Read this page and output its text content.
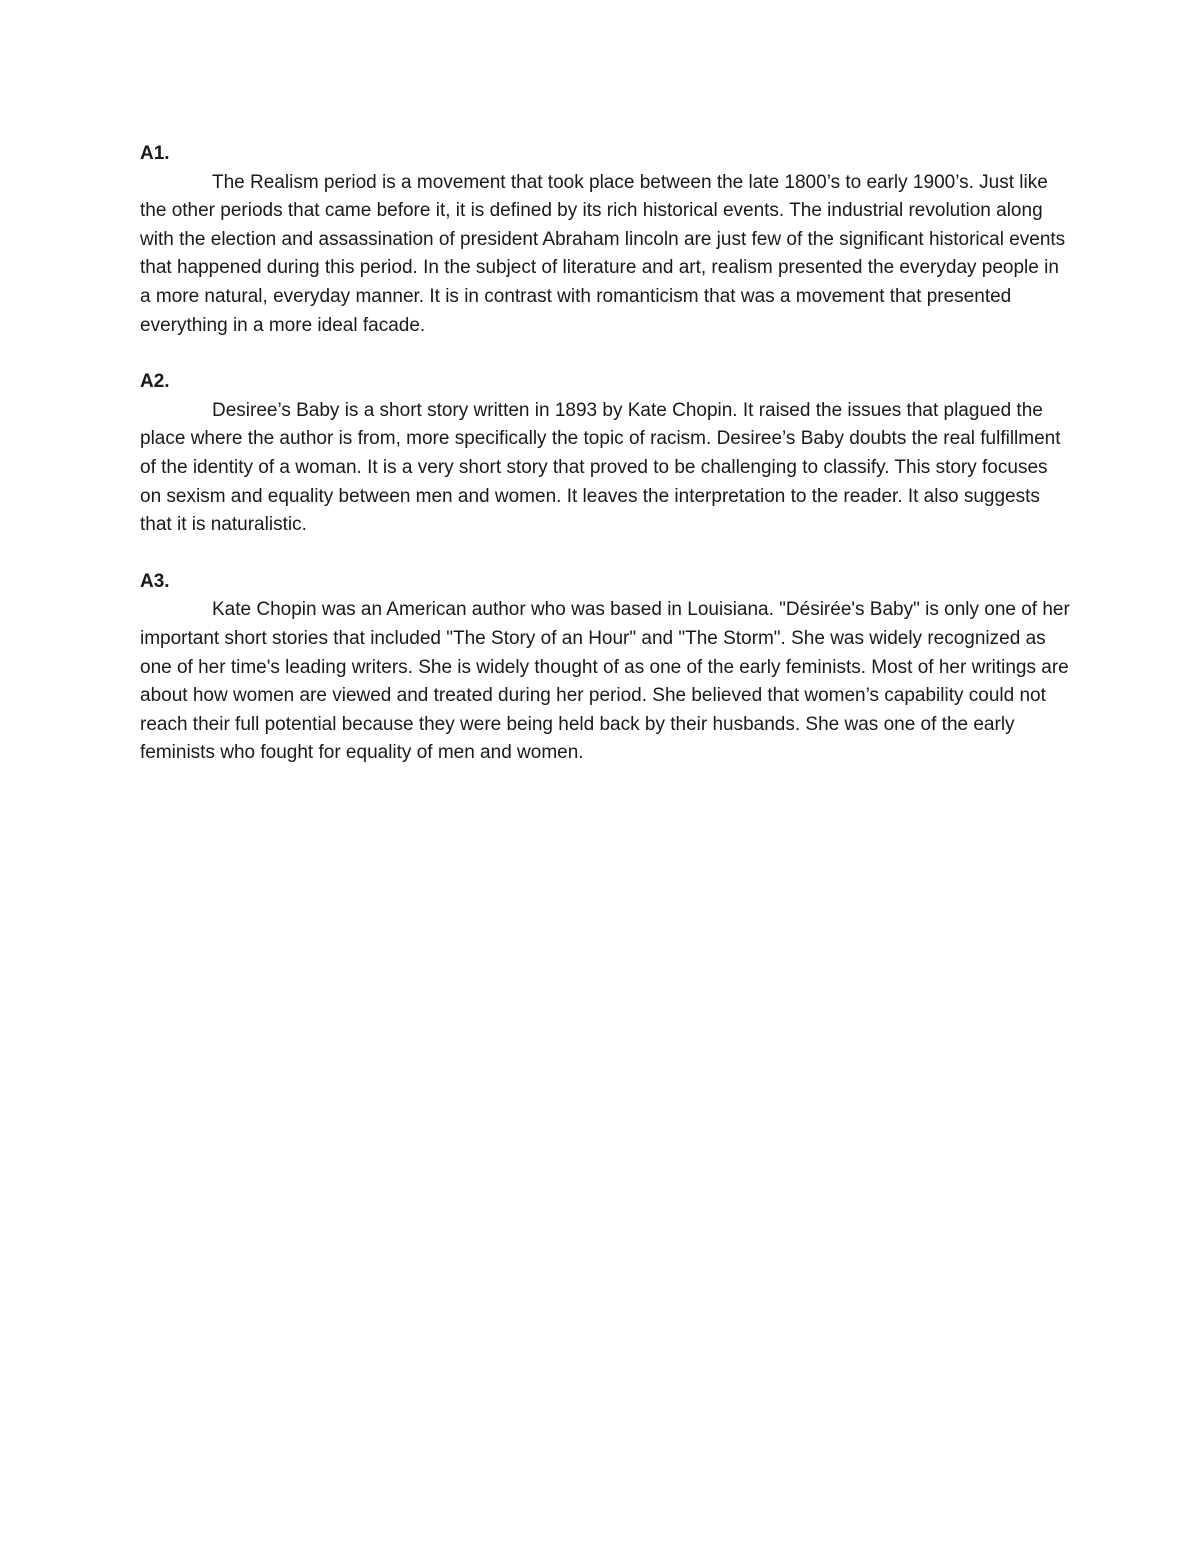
A1.

The Realism period is a movement that took place between the late 1800’s to early 1900’s. Just like the other periods that came before it, it is defined by its rich historical events. The industrial revolution along with the election and assassination of president Abraham lincoln are just few of the significant historical events that happened during this period. In the subject of literature and art, realism presented the everyday people in a more natural, everyday manner. It is in contrast with romanticism that was a movement that presented everything in a more ideal facade.

A2.

Desiree’s Baby is a short story written in 1893 by Kate Chopin. It raised the issues that plagued the place where the author is from, more specifically the topic of racism. Desiree’s Baby doubts the real fulfillment of the identity of a woman. It is a very short story that proved to be challenging to classify. This story focuses on sexism and equality between men and women. It leaves the interpretation to the reader. It also suggests that it is naturalistic.

A3.

Kate Chopin was an American author who was based in Louisiana. "Désirée's Baby" is only one of her important short stories that included "The Story of an Hour" and "The Storm". She was widely recognized as one of her time's leading writers. She is widely thought of as one of the early feminists. Most of her writings are about how women are viewed and treated during her period. She believed that women’s capability could not reach their full potential because they were being held back by their husbands. She was one of the early feminists who fought for equality of men and women.
